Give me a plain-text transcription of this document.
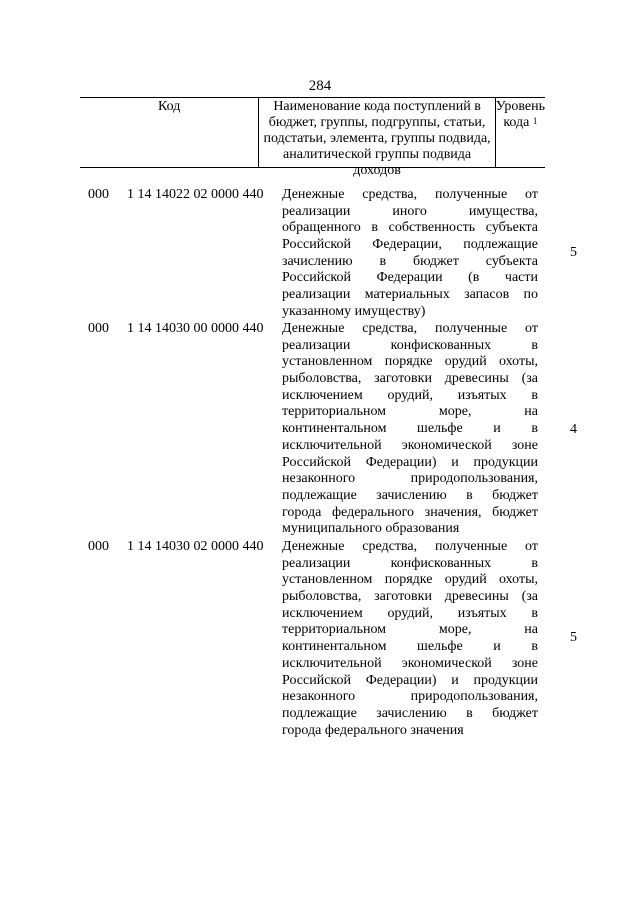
284
Код	Наименование кода поступлений в
бюджет, группы, подгруппы, статьи,
подстатьи, элемента, группы подвида,
аналитической группы подвида доходов
Уровень
кода $^1$
000 1 14 14022 02 0000 440 Денежные средства, полученные от
реализации иного имущества,
обращенного в собственность субъекта
Российской Федерации, подлежащие
зачислению в бюджет субъекта
Российской Федерации (в части
реализации материальных запасов по
указанному имуществу)
5
000 1 14 14030 00 0000 440 Денежные средства, полученные от
реализации конфискованных в
установленном порядке орудий охоты,
рыболовства, заготовки древесины (за
исключением орудий, изъятых в
территориальном море, на
континентальном шельфе и в
исключительной экономической зоне
Российской Федерации) и продукции
незаконного природопользования,
подлежащие зачислению в бюджет
города федерального значения, бюджет
муниципального образования
4
000 1 14 14030 02 0000 440 Денежные средства, полученные от
реализации конфискованных в
установленном порядке орудий охоты,
рыболовства, заготовки древесины (за
исключением орудий, изъятых в
территориальном море, на
континентальном шельфе и в
исключительной экономической зоне
Российской Федерации) и продукции
незаконного природопользования,
подлежащие зачислению в бюджет
города федерального значения
5
